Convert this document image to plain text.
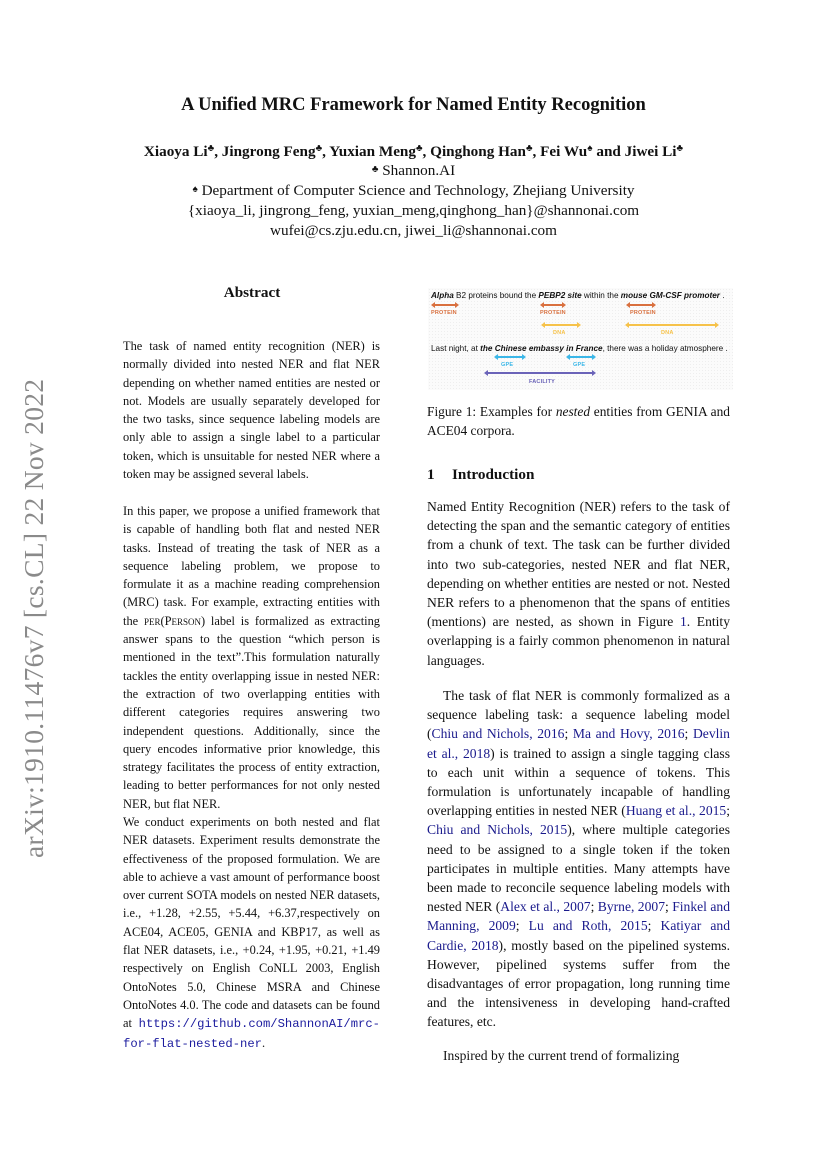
arXiv:1910.11476v7 [cs.CL] 22 Nov 2022
A Unified MRC Framework for Named Entity Recognition
Xiaoya Li♣, Jingrong Feng♣, Yuxian Meng♣, Qinghong Han♣, Fei Wu♠ and Jiwei Li♣
♣ Shannon.AI
♠ Department of Computer Science and Technology, Zhejiang University
{xiaoya_li, jingrong_feng, yuxian_meng,qinghong_han}@shannonai.com
wufei@cs.zju.edu.cn, jiwei_li@shannonai.com
Abstract
The task of named entity recognition (NER) is normally divided into nested NER and flat NER depending on whether named entities are nested or not. Models are usually separately developed for the two tasks, since sequence labeling models are only able to assign a single label to a particular token, which is unsuitable for nested NER where a token may be assigned several labels.
In this paper, we propose a unified framework that is capable of handling both flat and nested NER tasks. Instead of treating the task of NER as a sequence labeling problem, we propose to formulate it as a machine reading comprehension (MRC) task. For example, extracting entities with the per(Person) label is formalized as extracting answer spans to the question “which person is mentioned in the text”.This formulation naturally tackles the entity overlapping issue in nested NER: the extraction of two overlapping entities with different categories requires answering two independent questions. Additionally, since the query encodes informative prior knowledge, this strategy facilitates the process of entity extraction, leading to better performances for not only nested NER, but flat NER.
We conduct experiments on both nested and flat NER datasets. Experiment results demonstrate the effectiveness of the proposed formulation. We are able to achieve a vast amount of performance boost over current SOTA models on nested NER datasets, i.e., +1.28, +2.55, +5.44, +6.37,respectively on ACE04, ACE05, GENIA and KBP17, as well as flat NER datasets, i.e., +0.24, +1.95, +0.21, +1.49 respectively on English CoNLL 2003, English OntoNotes 5.0, Chinese MSRA and Chinese OntoNotes 4.0. The code and datasets can be found at https://github.com/ShannonAI/mrc-for-flat-nested-ner.
Alpha B2 proteins bound the PEBP2 site within the mouse GM-CSF promoter .
Last night, at the Chinese embassy in France, there was a holiday atmosphere .
PROTEIN	PROTEIN
DNA
PROTEIN
DNA
GPE	GPE
FACILITY
Figure 1: Examples for nested entities from GENIA and ACE04 corpora.
1 Introduction
Named Entity Recognition (NER) refers to the task of detecting the span and the semantic category of entities from a chunk of text. The task can be further divided into two sub-categories, nested NER and flat NER, depending on whether entities are nested or not. Nested NER refers to a phenomenon that the spans of entities (mentions) are nested, as shown in Figure 1. Entity overlapping is a fairly common phenomenon in natural languages.
The task of flat NER is commonly formalized as a sequence labeling task: a sequence labeling model (Chiu and Nichols, 2016; Ma and Hovy, 2016; Devlin et al., 2018) is trained to assign a single tagging class to each unit within a sequence of tokens. This formulation is unfortunately incapable of handling overlapping entities in nested NER (Huang et al., 2015; Chiu and Nichols, 2015), where multiple categories need to be assigned to a single token if the token participates in multiple entities. Many attempts have been made to reconcile sequence labeling models with nested NER (Alex et al., 2007; Byrne, 2007; Finkel and Manning, 2009; Lu and Roth, 2015; Katiyar and Cardie, 2018), mostly based on the pipelined systems. However, pipelined systems suffer from the disadvantages of error propagation, long running time and the intensiveness in developing hand-crafted features, etc.
Inspired by the current trend of formalizing
